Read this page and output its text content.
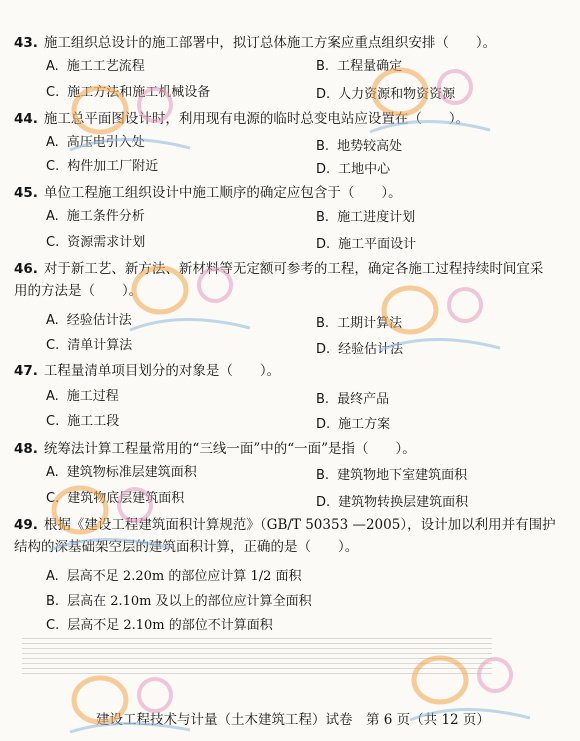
43. 施工组织总设计的施工部署中，拟订总体施工方案应重点组织安排（　　）。
A. 施工工艺流程	B. 工程量确定
C. 施工方法和施工机械设备	D. 人力资源和物资资源
44. 施工总平面图设计时，利用现有电源的临时总变电站应设置在（　　）。
A. 高压电引入处	B. 地势较高处
C. 构件加工厂附近	D. 工地中心
45. 单位工程施工组织设计中施工顺序的确定应包含于（　　）。
A. 施工条件分析	B. 施工进度计划
C. 资源需求计划	D. 施工平面设计
46. 对于新工艺、新方法、新材料等无定额可参考的工程，确定各施工过程持续时间宜采用的方法是（　　）。
A. 经验估计法	B. 工期计算法
C. 清单计算法	D. 经验估计法
47. 工程量清单项目划分的对象是（　　）。
A. 施工过程	B. 最终产品
C. 施工工段	D. 施工方案
48. 统筹法计算工程量常用的“三线一面”中的“一面”是指（　　）。
A. 建筑物标准层建筑面积	B. 建筑物地下室建筑面积
C. 建筑物底层建筑面积	D. 建筑物转换层建筑面积
49. 根据《建设工程建筑面积计算规范》（GB/T 50353 —2005），设计加以利用并有围护结构的深基础架空层的建筑面积计算，正确的是（　　）。
A. 层高不足 2.20m 的部位应计算 1/2 面积
B. 层高在 2.10m 及以上的部位应计算全面积
C. 层高不足 2.10m 的部位不计算面积
建设工程技术与计量（土木建筑工程）试卷　第 6 页（共 12 页）
